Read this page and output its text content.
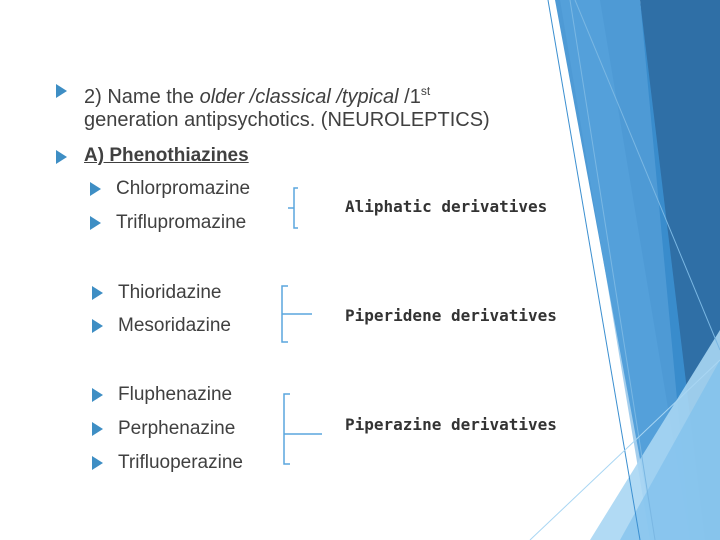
2) Name the older /classical /typical /1st
generation antipsychotics. (NEUROLEPTICS)
A) Phenothiazines
Chlorpromazine
Triflupromazine
Aliphatic derivatives
Thioridazine
Mesoridazine	Piperidene derivatives
Fluphenazine
Perphenazine
Trifluoperazine
Piperazine derivatives
